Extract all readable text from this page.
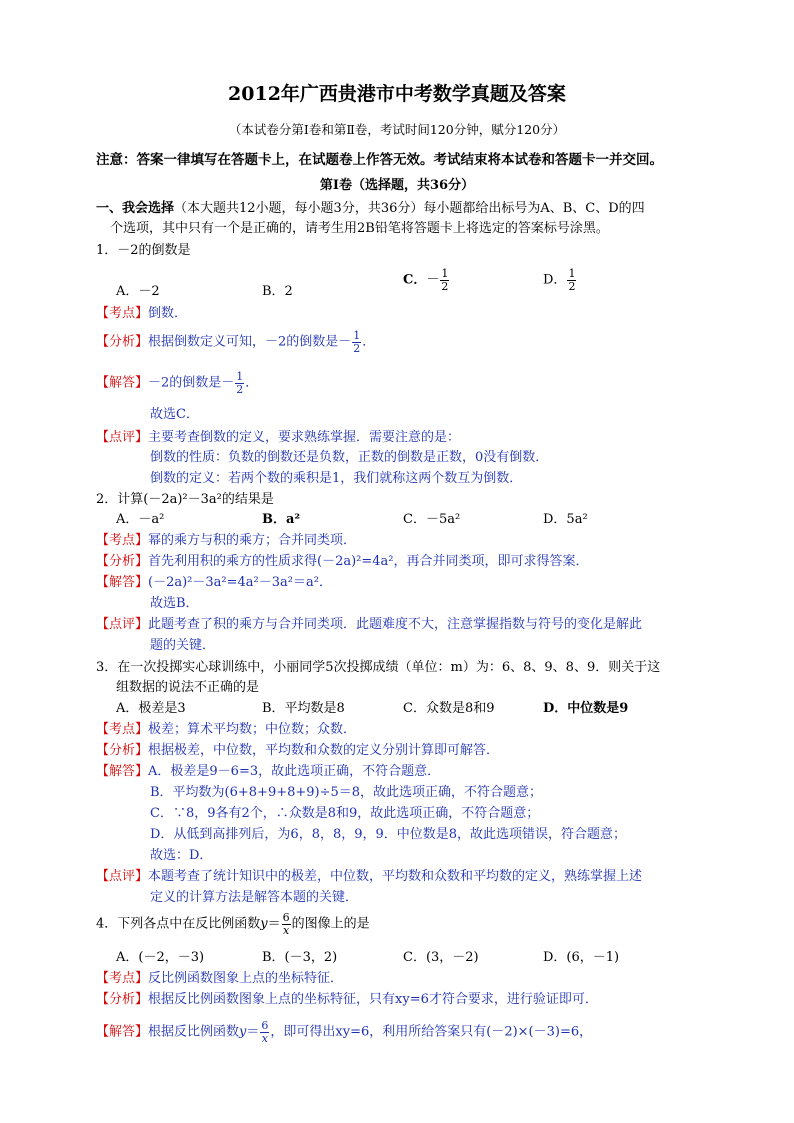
2012年广西贵港市中考数学真题及答案
（本试卷分第Ⅰ卷和第Ⅱ卷，考试时间120分钟，赋分120分）
注意：答案一律填写在答题卡上，在试题卷上作答无效。考试结束将本试卷和答题卡一并交回。
第Ⅰ卷（选择题，共36分）
一、我会选择（本大题共12小题，每小题3分，共36分）每小题都给出标号为A、B、C、D的四
个选项，其中只有一个是正确的，请考生用2B铅笔将答题卡上将选定的答案标号涂黑。
1．－2的倒数是
A．－2	B．2
C．－ $\frac{1}{2}$	D． $\frac{1}{2}$
【考点】倒数．
【分析】根据倒数定义可知，－2的倒数是－ $\frac{1}{2}$ ．
【解答】－2的倒数是－ $\frac{1}{2}$ ．
故选C．
【点评】主要考查倒数的定义，要求熟练掌握．需要注意的是：
倒数的性质：负数的倒数还是负数，正数的倒数是正数，0没有倒数．
倒数的定义：若两个数的乘积是1，我们就称这两个数互为倒数．
2．计算(－2a)²－3a²的结果是
A．－a²	B．a²	C．－5a²	D．5a²
【考点】幂的乘方与积的乘方；合并同类项．
【分析】首先利用积的乘方的性质求得(－2a)²=4a²，再合并同类项，即可求得答案．
【解答】(－2a)²－3a²=4a²－3a²＝a²．
故选B．
【点评】此题考查了积的乘方与合并同类项．此题难度不大，注意掌握指数与符号的变化是解此
题的关键．
3．在一次投掷实心球训练中，小丽同学5次投掷成绩（单位：m）为：6、8、9、8、9．则关于这
组数据的说法不正确的是
A．极差是3	B．平均数是8	C．众数是8和9	D．中位数是9
【考点】极差；算术平均数；中位数；众数．
【分析】根据极差，中位数，平均数和众数的定义分别计算即可解答．
【解答】A．极差是9－6=3，故此选项正确，不符合题意．
B．平均数为(6+8+9+8+9)÷5＝8，故此选项正确，不符合题意；
C．∵8，9各有2个，∴众数是8和9，故此选项正确，不符合题意；
D．从低到高排列后，为6，8，8，9，9．中位数是8，故此选项错误，符合题意；
故选：D．
【点评】本题考查了统计知识中的极差，中位数，平均数和众数和平均数的定义，熟练掌握上述
定义的计算方法是解答本题的关键．
4．下列各点中在反比例函数$y= \frac{6}{x}$ 的图像上的是
A．(－2，－3)	B．(－3，2)	C．(3，－2)	D．(6，－1)
【考点】反比例函数图象上点的坐标特征．
【分析】根据反比例函数图象上点的坐标特征，只有xy=6才符合要求，进行验证即可．
【解答】根据反比例函数$y= \frac{6}{x}$ ，即可得出xy=6，利用所给答案只有(－2)×(－3)=6，
